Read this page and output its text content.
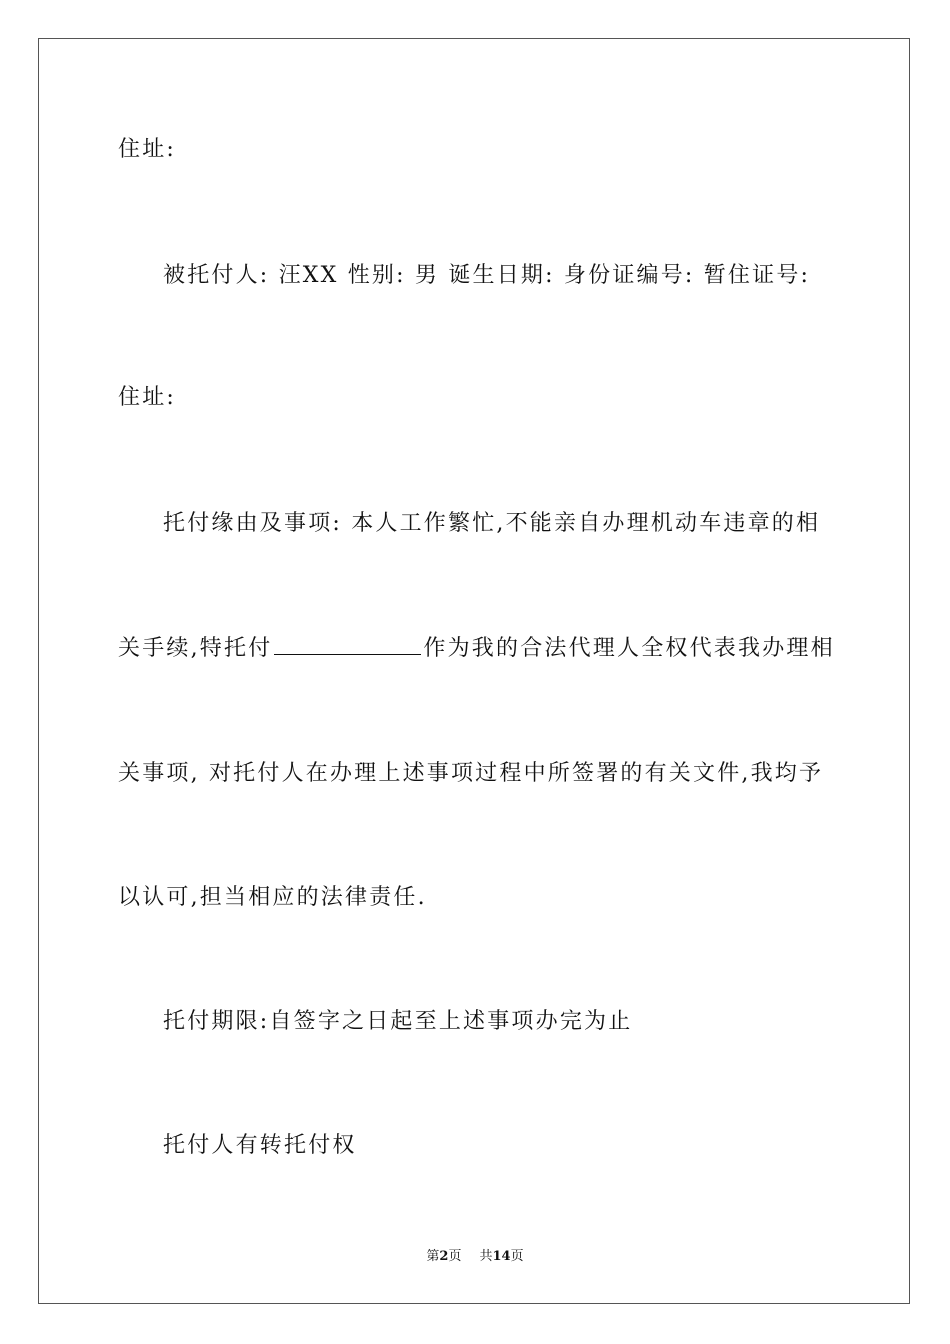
住址:
被托付人: 汪XX 性别: 男 诞生日期: 身份证编号: 暂住证号:
住址:
托付缘由及事项: 本人工作繁忙,不能亲自办理机动车违章的相
关手续,特托付	作为我的合法代理人全权代表我办理相
关事项, 对托付人在办理上述事项过程中所签署的有关文件,我均予
以认可,担当相应的法律责任.
托付期限:自签字之日起至上述事项办完为止
托付人有转托付权
第2页 共14页
